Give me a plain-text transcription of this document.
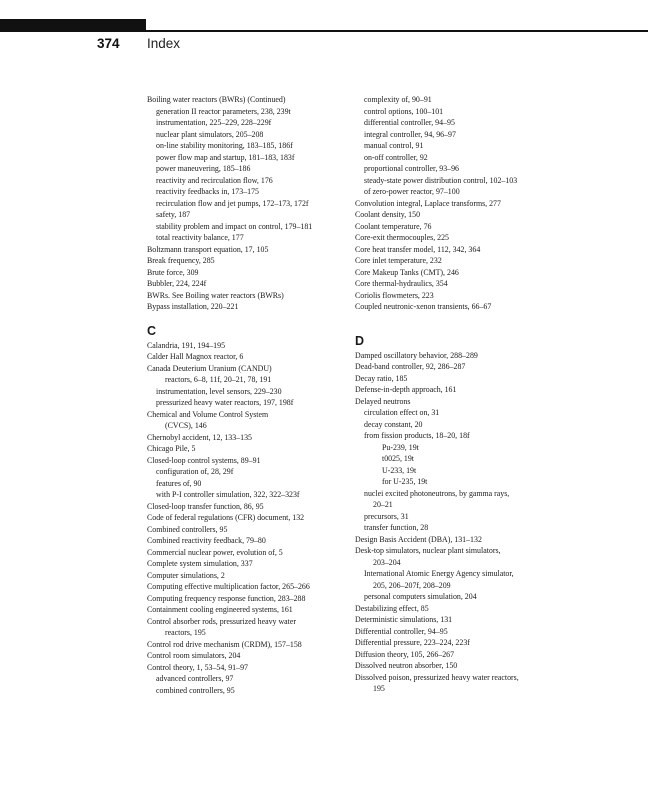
374 Index
Boiling water reactors (BWRs) (Continued)
generation II reactor parameters, 238, 239t
instrumentation, 225–229, 228–229f
nuclear plant simulators, 205–208
on-line stability monitoring, 183–185, 186f
power flow map and startup, 181–183, 183f
power maneuvering, 185–186
reactivity and recirculation flow, 176
reactivity feedbacks in, 173–175
recirculation flow and jet pumps, 172–173, 172f
safety, 187
stability problem and impact on control, 179–181
total reactivity balance, 177
Boltzmann transport equation, 17, 105
Break frequency, 285
Brute force, 309
Bubbler, 224, 224f
BWRs. See Boiling water reactors (BWRs)
Bypass installation, 220–221
C
Calandria, 191, 194–195
Calder Hall Magnox reactor, 6
Canada Deuterium Uranium (CANDU)
reactors, 6–8, 11f, 20–21, 78, 191
instrumentation, level sensors, 229–230
pressurized heavy water reactors, 197, 198f
Chemical and Volume Control System
(CVCS), 146
Chernobyl accident, 12, 133–135
Chicago Pile, 5
Closed-loop control systems, 89–91
configuration of, 28, 29f
features of, 90
with P-I controller simulation, 322, 322–323f
Closed-loop transfer function, 86, 95
Code of federal regulations (CFR) document, 132
Combined controllers, 95
Combined reactivity feedback, 79–80
Commercial nuclear power, evolution of, 5
Complete system simulation, 337
Computer simulations, 2
Computing effective multiplication factor, 265–266
Computing frequency response function, 283–288
Containment cooling engineered systems, 161
Control absorber rods, pressurized heavy water
reactors, 195
Control rod drive mechanism (CRDM), 157–158
Control room simulators, 204
Control theory, 1, 53–54, 91–97
advanced controllers, 97
combined controllers, 95
complexity of, 90–91
control options, 100–101
differential controller, 94–95
integral controller, 94, 96–97
manual control, 91
on-off controller, 92
proportional controller, 93–96
steady-state power distribution control, 102–103
of zero-power reactor, 97–100
Convolution integral, Laplace transforms, 277
Coolant density, 150
Coolant temperature, 76
Core-exit thermocouples, 225
Core heat transfer model, 112, 342, 364
Core inlet temperature, 232
Core Makeup Tanks (CMT), 246
Core thermal-hydraulics, 354
Coriolis flowmeters, 223
Coupled neutronic-xenon transients, 66–67
D
Damped oscillatory behavior, 288–289
Dead-band controller, 92, 286–287
Decay ratio, 185
Defense-in-depth approach, 161
Delayed neutrons
circulation effect on, 31
decay constant, 20
from fission products, 18–20, 18f
Pu-239, 19t
t0025, 19t
U-233, 19t
for U-235, 19t
nuclei excited photoneutrons, by gamma rays,
20–21
precursors, 31
transfer function, 28
Design Basis Accident (DBA), 131–132
Desk-top simulators, nuclear plant simulators,
203–204
International Atomic Energy Agency simulator,
205, 206–207f, 208–209
personal computers simulation, 204
Destabilizing effect, 85
Deterministic simulations, 131
Differential controller, 94–95
Differential pressure, 223–224, 223f
Diffusion theory, 105, 266–267
Dissolved neutron absorber, 150
Dissolved poison, pressurized heavy water reactors,
195
